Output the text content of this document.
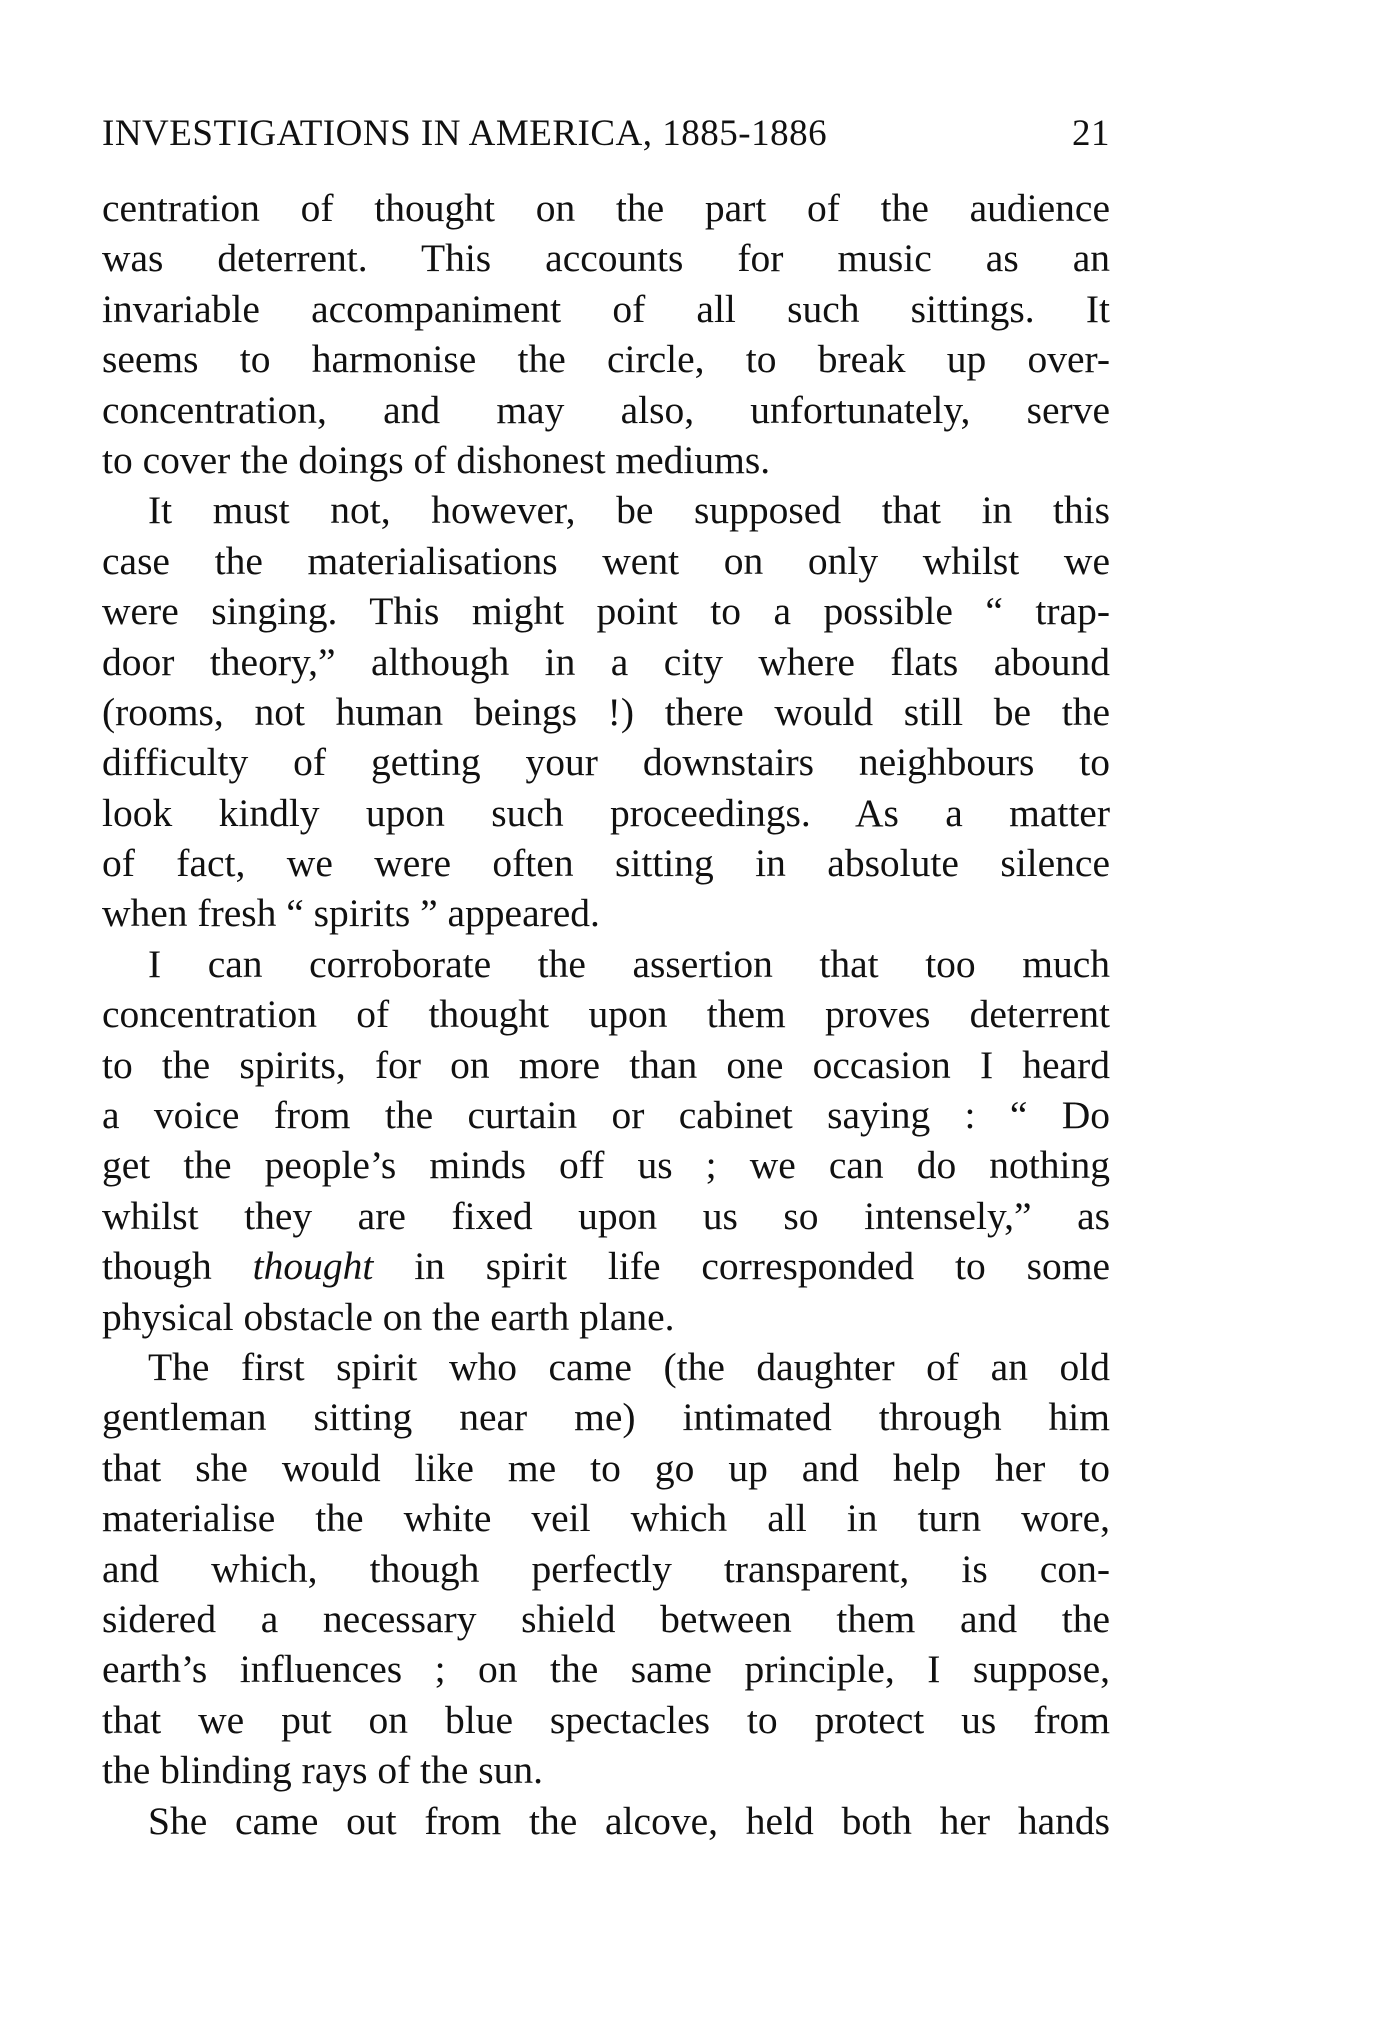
INVESTIGATIONS IN AMERICA, 1885-1886	21
centration of thought on the part of the audience
was deterrent. This accounts for music as an
invariable accompaniment of all such sittings. It
seems to harmonise the circle, to break up over-
concentration, and may also, unfortunately, serve
to cover the doings of dishonest mediums.
It must not, however, be supposed that in this
case the materialisations went on only whilst we
were singing. This might point to a possible “ trap-
door theory,” although in a city where flats abound
(rooms, not human beings !) there would still be the
difficulty of getting your downstairs neighbours to
look kindly upon such proceedings. As a matter
of fact, we were often sitting in absolute silence
when fresh “ spirits ” appeared.
I can corroborate the assertion that too much
concentration of thought upon them proves deterrent
to the spirits, for on more than one occasion I heard
a voice from the curtain or cabinet saying : “ Do
get the people’s minds off us ; we can do nothing
whilst they are fixed upon us so intensely,” as
though thought in spirit life corresponded to some
physical obstacle on the earth plane.
The first spirit who came (the daughter of an old
gentleman sitting near me) intimated through him
that she would like me to go up and help her to
materialise the white veil which all in turn wore,
and which, though perfectly transparent, is con-
sidered a necessary shield between them and the
earth’s influences ; on the same principle, I suppose,
that we put on blue spectacles to protect us from
the blinding rays of the sun.
She came out from the alcove, held both her hands
